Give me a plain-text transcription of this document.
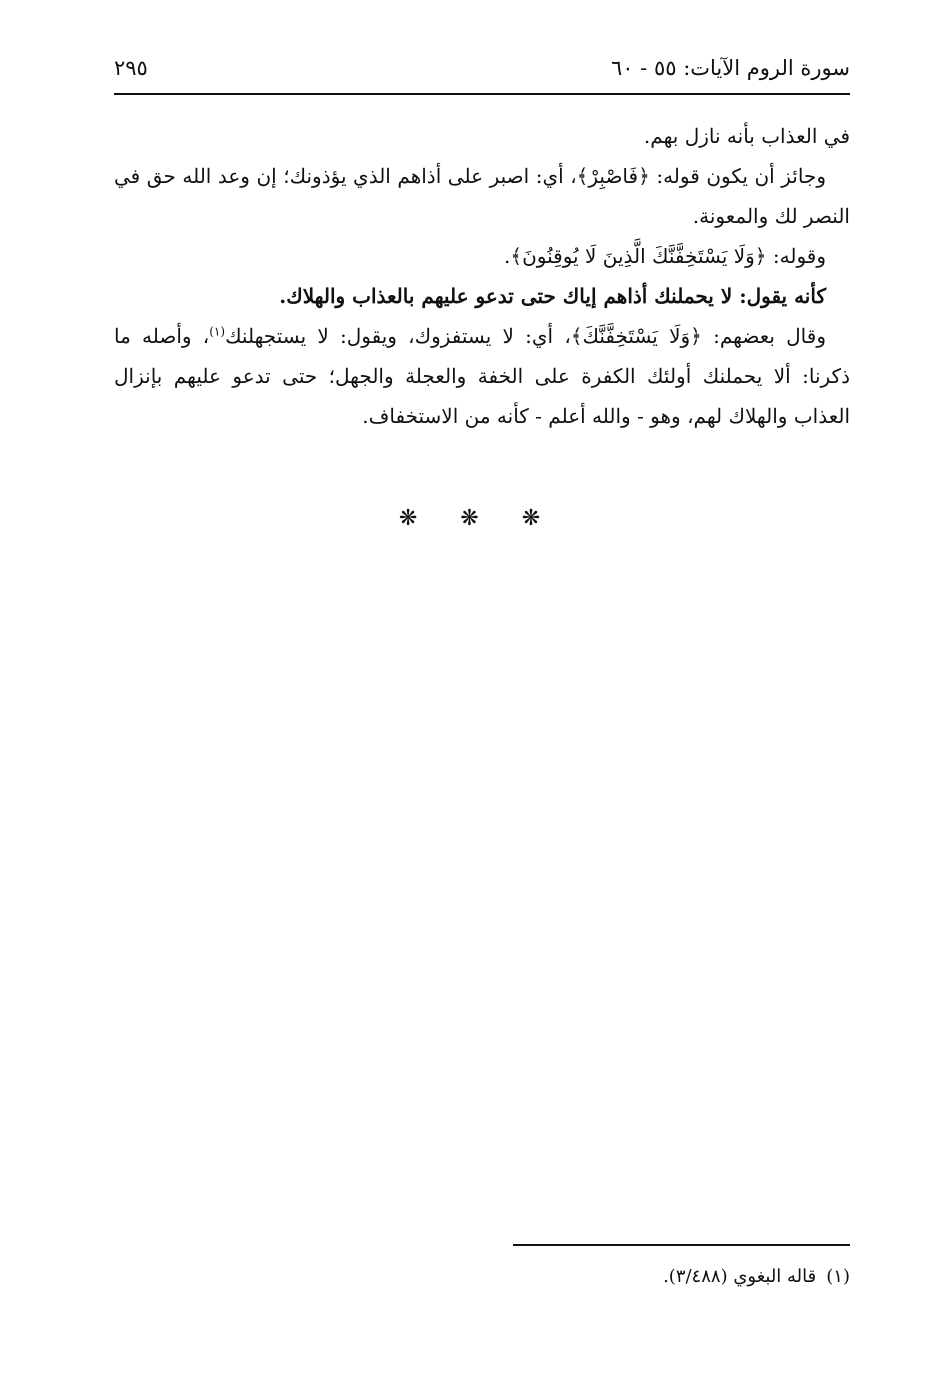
سورة الروم الآيات: ٥٥ - ٦٠
٢٩٥

في العذاب بأنه نازل بهم.

وجائز أن يكون قوله: ﴿فَاصْبِرْ﴾، أي: اصبر على أذاهم الذي يؤذونك؛ إن وعد الله حق في النصر لك والمعونة.

وقوله: ﴿وَلَا يَسْتَخِفَّنَّكَ الَّذِينَ لَا يُوقِنُونَ﴾.

كأنه يقول: لا يحملنك أذاهم إياك حتى تدعو عليهم بالعذاب والهلاك.

وقال بعضهم: ﴿وَلَا يَسْتَخِفَّنَّكَ﴾، أي: لا يستفزوك، ويقول: لا يستجهلنك$^{(١)}$، وأصله ما ذكرنا: ألا يحملنك أولئك الكفرة على الخفة والعجلة والجهل؛ حتى تدعو عليهم بإنزال العذاب والهلاك لهم، وهو - والله أعلم - كأنه من الاستخفاف.

❋ ❋ ❋
(١)قاله البغوي (٣/٤٨٨).
